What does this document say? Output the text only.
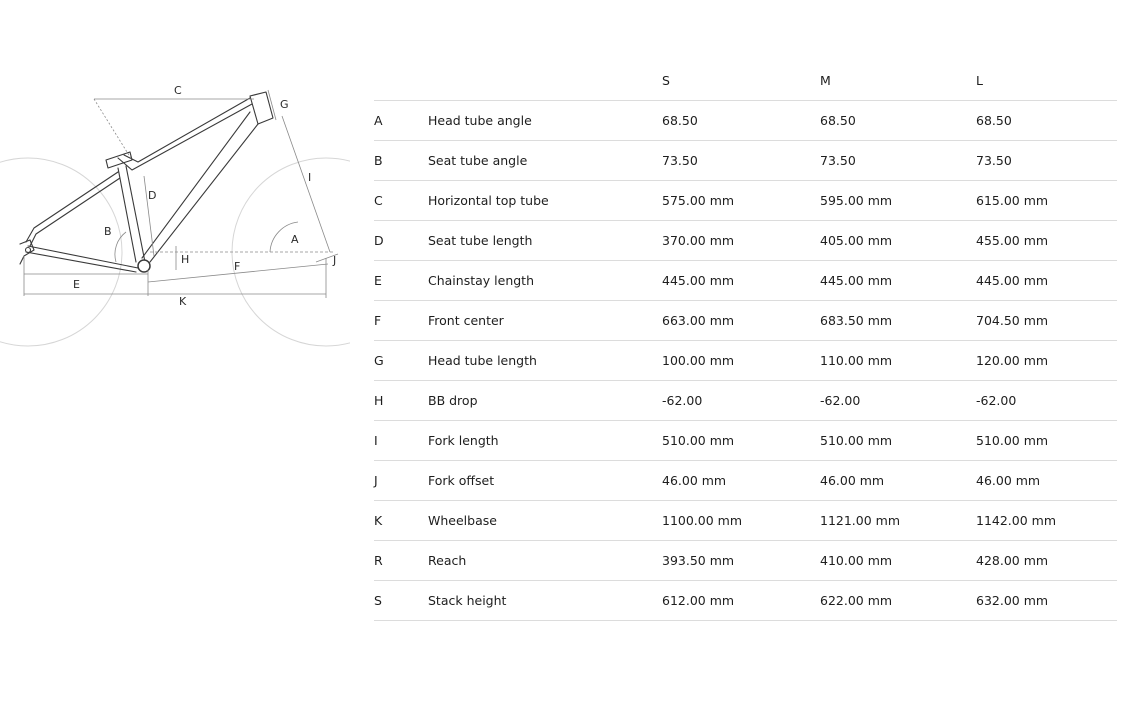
C
G
I
D
B
A
H	J
F
E
K
		S	M	L
A	Head tube angle	68.50	68.50	68.50
B	Seat tube angle	73.50	73.50	73.50
C	Horizontal top tube	575.00 mm	595.00 mm	615.00 mm
D	Seat tube length	370.00 mm	405.00 mm	455.00 mm
E	Chainstay length	445.00 mm	445.00 mm	445.00 mm
F	Front center	663.00 mm	683.50 mm	704.50 mm
G	Head tube length	100.00 mm	110.00 mm	120.00 mm
H	BB drop	-62.00	-62.00	-62.00
I	Fork length	510.00 mm	510.00 mm	510.00 mm
J	Fork offset	46.00 mm	46.00 mm	46.00 mm
K	Wheelbase	1100.00 mm	1121.00 mm	1142.00 mm
R	Reach	393.50 mm	410.00 mm	428.00 mm
S	Stack height	612.00 mm	622.00 mm	632.00 mm
